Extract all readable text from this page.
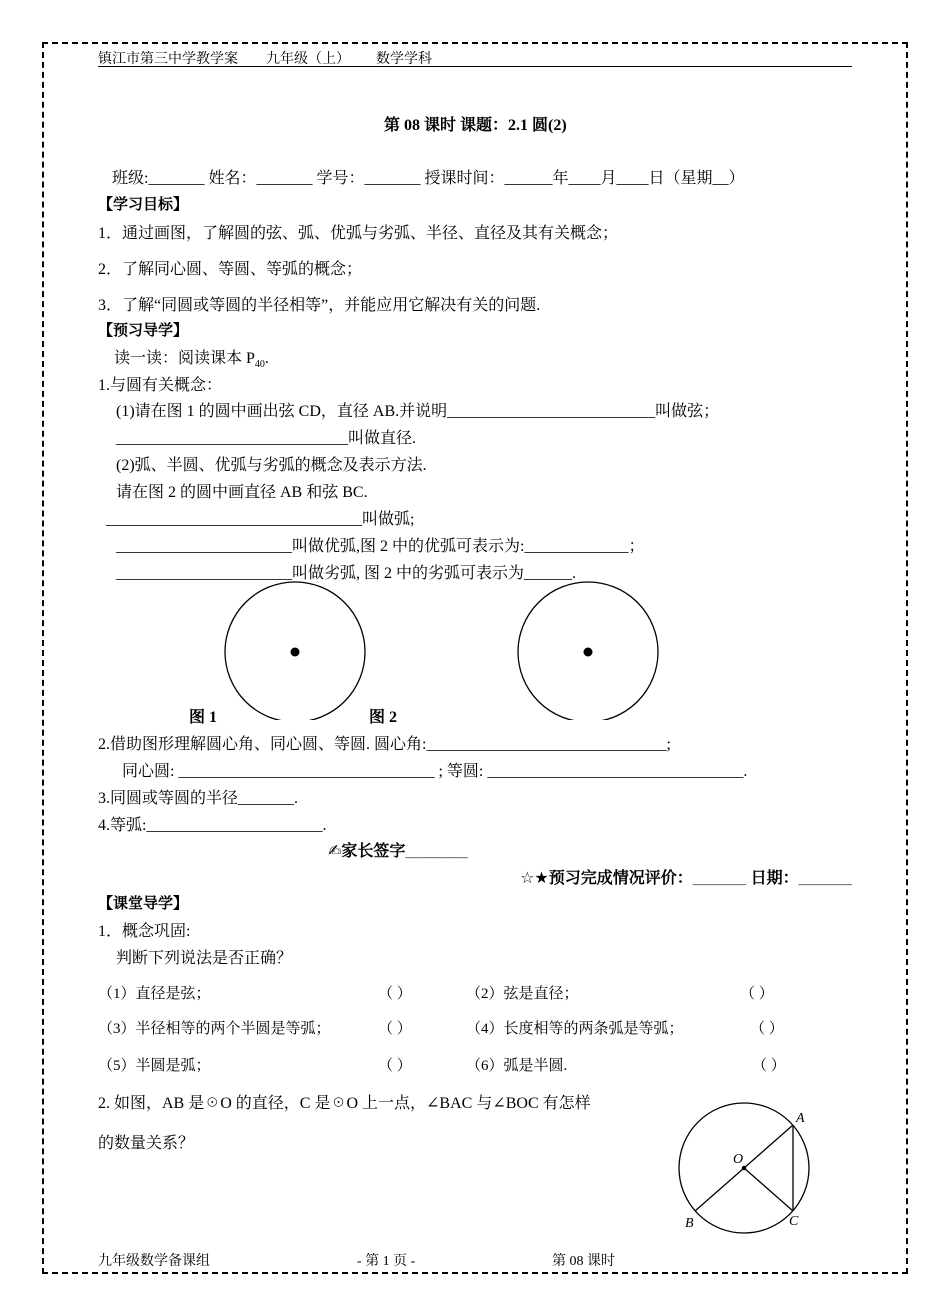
镇江市第三中学教学案 九年级（上） 数学学科
第 08 课时 课题：2.1 圆(2)
班级:_______ 姓名：_______ 学号：_______ 授课时间：______年____月____日（星期__）
【学习目标】
1．通过画图，了解圆的弦、弧、优弧与劣弧、半径、直径及其有关概念；
2．了解同心圆、等圆、等弧的概念；
3．了解“同圆或等圆的半径相等”，并能应用它解决有关的问题.
【预习导学】
读一读：阅读课本 $P_{40}$.
1.与圆有关概念：
(1)请在图 1 的圆中画出弦 CD，直径 AB.并说明__________________________叫做弦；
_____________________________叫做直径.
(2)弧、半圆、优弧与劣弧的概念及表示方法.
请在图 2 的圆中画直径 AB 和弦 BC.
________________________________叫做弧;
______________________叫做优弧,图 2 中的优弧可表示为:_____________；
______________________叫做劣弧, 图 2 中的劣弧可表示为______.
图 1	图 2
2.借助图形理解圆心角、同心圆、等圆. 圆心角:______________________________;
同心圆: ________________________________ ; 等圆: ________________________________.
3.同圆或等圆的半径_______.
4.等弧:______________________.
✍家长签字_______
☆★预习完成情况评价：______ 日期：______
【课堂导学】
1．概念巩固:
判断下列说法是否正确？
（1）直径是弦；	（ ）	（2）弦是直径；	（ ）
（3）半径相等的两个半圆是等弧；	（ ）	（4）长度相等的两条弧是等弧；	（ ）
（5）半圆是弧；	（ ）	（6）弧是半圆.	（ ）
2. 如图，AB 是☉O 的直径，C 是☉O 上一点，∠BAC 与∠BOC 有怎样
的数量关系？
A
B	C
O
九年级数学备课组	- 第 1 页 -	第 08 课时
